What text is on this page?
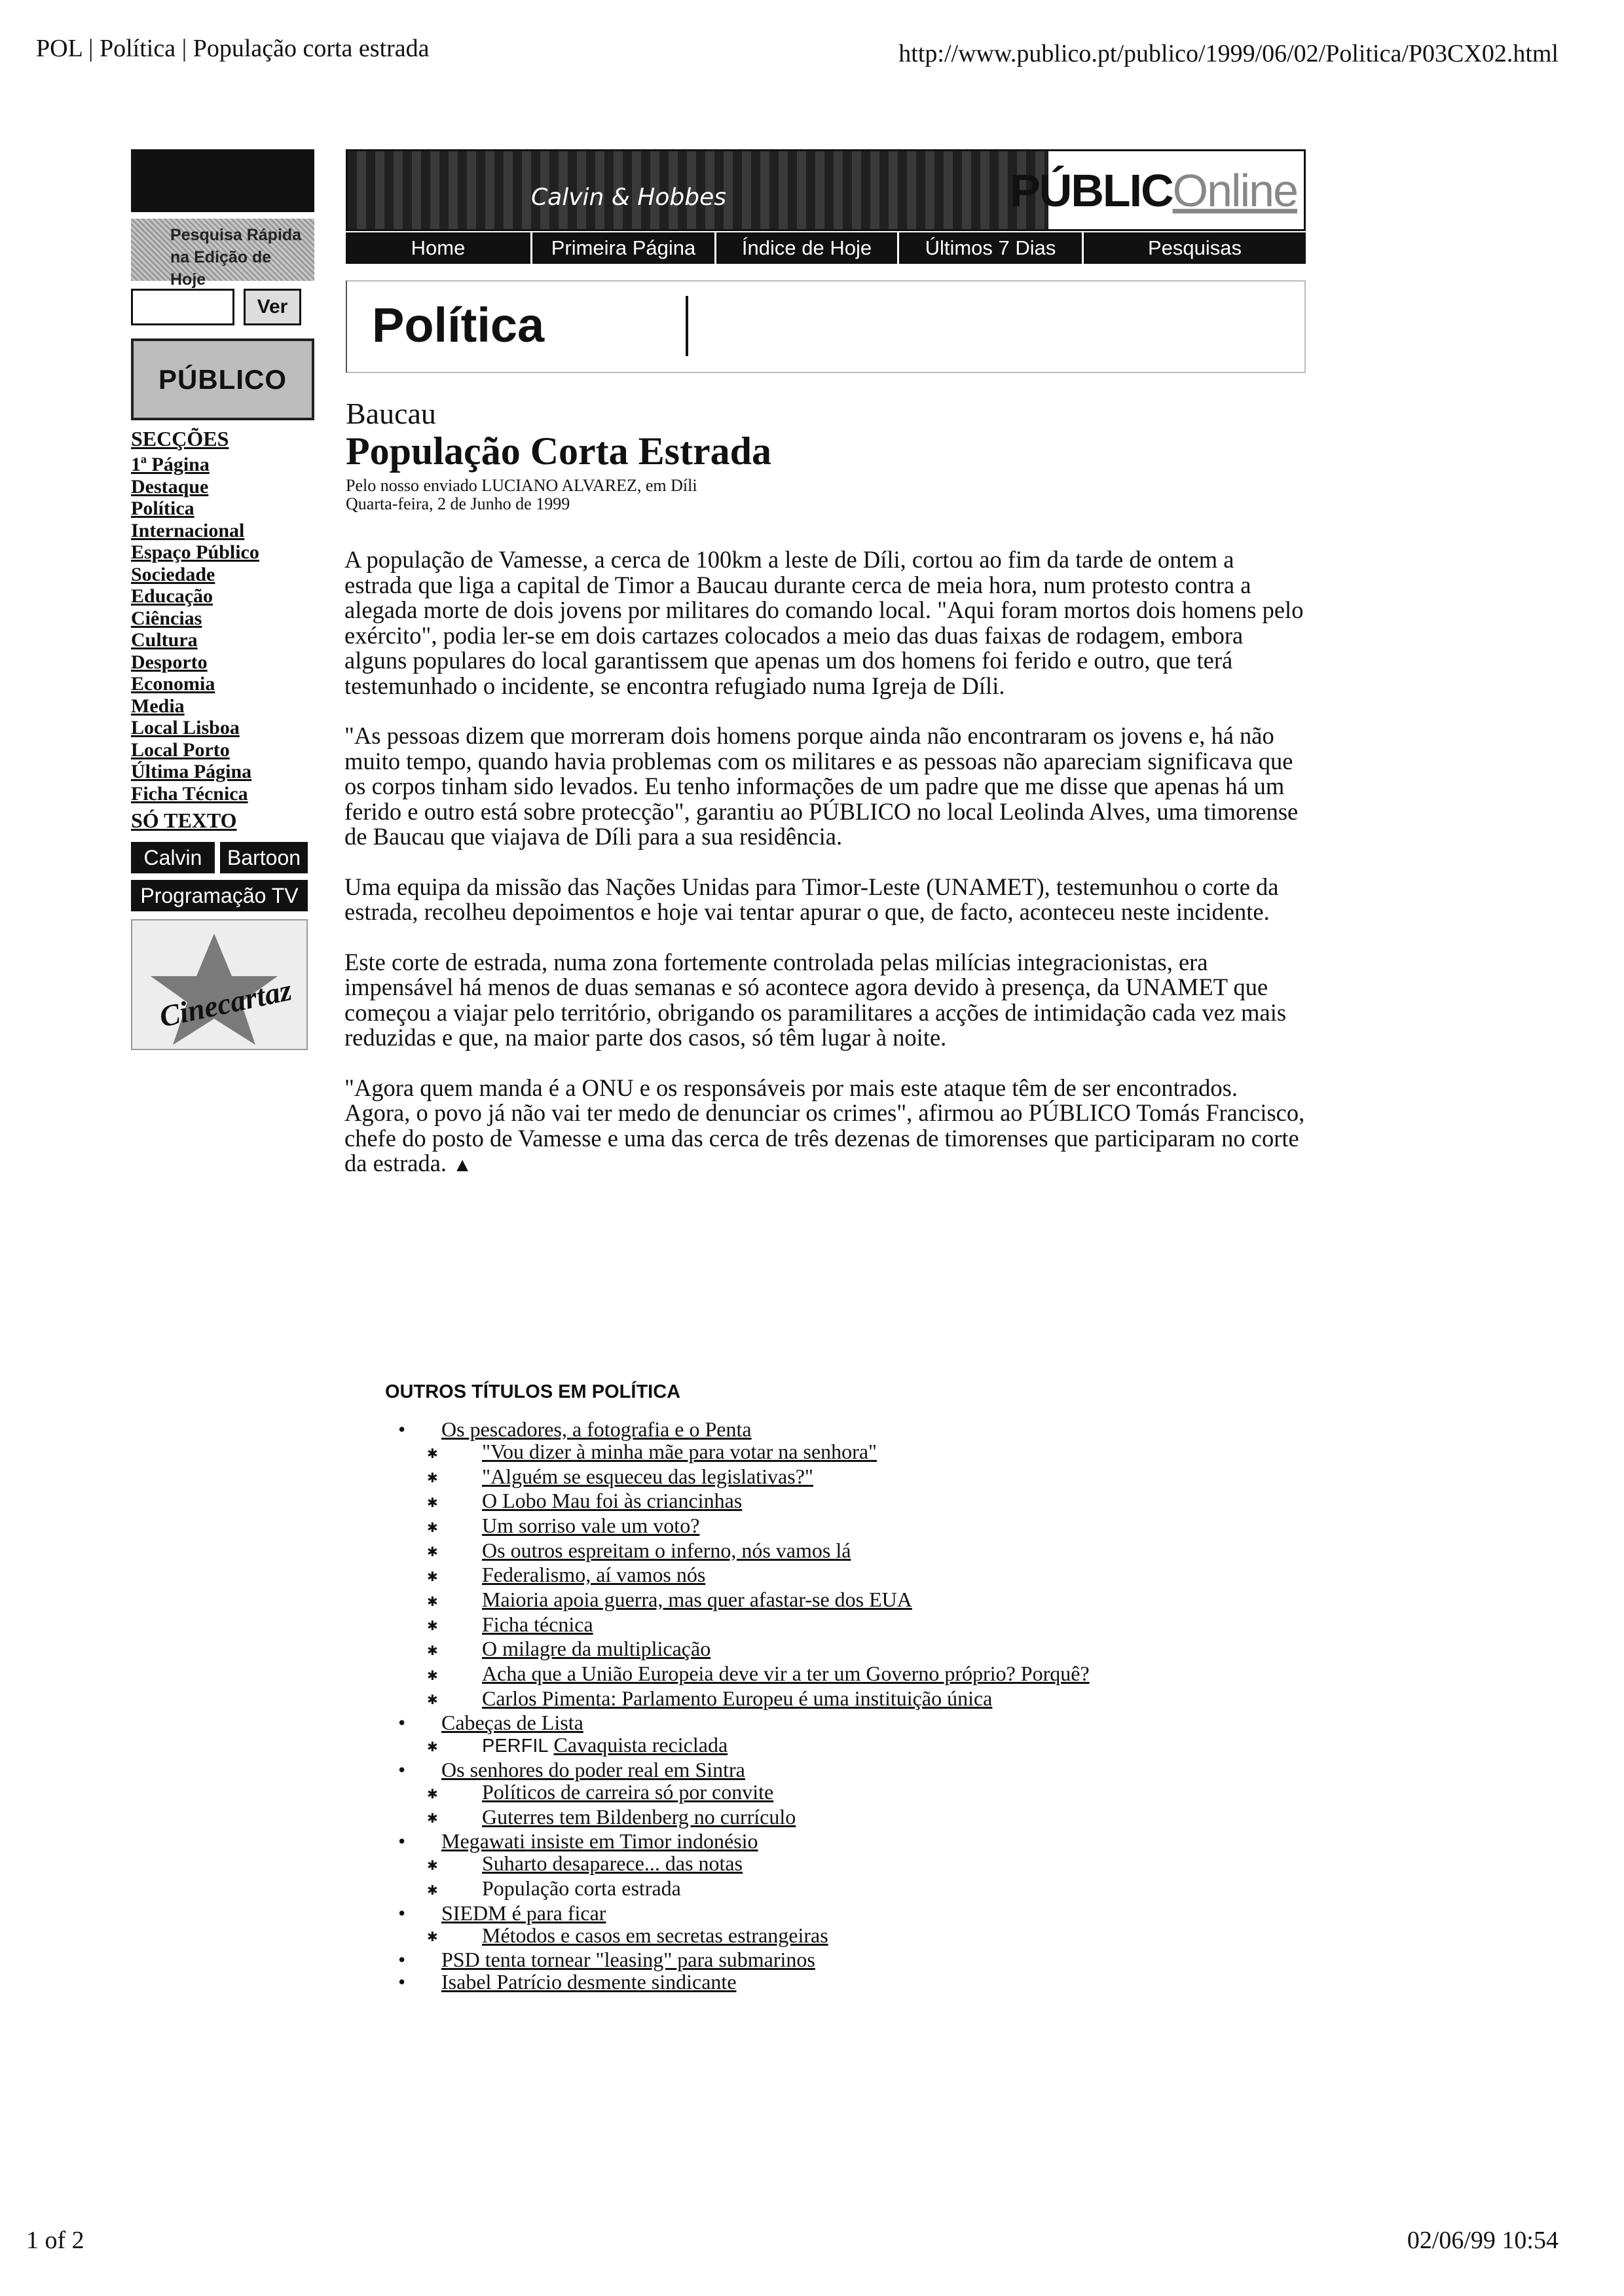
POL | Política | População corta estrada	http://www.publico.pt/publico/1999/06/02/Politica/P03CX02.html
1 of 2	02/06/99 10:54
Pesquisa Rápida na Edição de Hoje
Ver
PÚBLICO
SECÇÕES
1ª Página
Destaque
Política
Internacional
Espaço Público
Sociedade
Educação
Ciências
Cultura
Desporto
Economia
Media
Local Lisboa
Local Porto
Última Página
Ficha Técnica
SÓ TEXTO
Calvin	Bartoon
Programação TV
Cinecartaz
Calvin & Hobbes	PÚBLIC Online
Home	Primeira Página	Índice de Hoje	Últimos 7 Dias	Pesquisas
Política
Baucau
População Corta Estrada
Pelo nosso enviado LUCIANO ALVAREZ, em Díli
Quarta-feira, 2 de Junho de 1999

A população de Vamesse, a cerca de 100km a leste de Díli, cortou ao fim da tarde de ontem a estrada que liga a capital de Timor a Baucau durante cerca de meia hora, num protesto contra a alegada morte de dois jovens por militares do comando local. "Aqui foram mortos dois homens pelo exército", podia ler-se em dois cartazes colocados a meio das duas faixas de rodagem, embora alguns populares do local garantissem que apenas um dos homens foi ferido e outro, que terá testemunhado o incidente, se encontra refugiado numa Igreja de Díli.

"As pessoas dizem que morreram dois homens porque ainda não encontraram os jovens e, há não muito tempo, quando havia problemas com os militares e as pessoas não apareciam significava que os corpos tinham sido levados. Eu tenho informações de um padre que me disse que apenas há um ferido e outro está sobre protecção", garantiu ao PÚBLICO no local Leolinda Alves, uma timorense de Baucau que viajava de Díli para a sua residência.

Uma equipa da missão das Nações Unidas para Timor-Leste (UNAMET), testemunhou o corte da estrada, recolheu depoimentos e hoje vai tentar apurar o que, de facto, aconteceu neste incidente.

Este corte de estrada, numa zona fortemente controlada pelas milícias integracionistas, era impensável há menos de duas semanas e só acontece agora devido à presença, da UNAMET que começou a viajar pelo território, obrigando os paramilitares a acções de intimidação cada vez mais reduzidas e que, na maior parte dos casos, só têm lugar à noite.

"Agora quem manda é a ONU e os responsáveis por mais este ataque têm de ser encontrados. Agora, o povo já não vai ter medo de denunciar os crimes", afirmou ao PÚBLICO Tomás Francisco, chefe do posto de Vamesse e uma das cerca de três dezenas de timorenses que participaram no corte da estrada. ▲

OUTROS TÍTULOS EM POLÍTICA
• Os pescadores, a fotografia e o Penta
✱ "Vou dizer à minha mãe para votar na senhora"
✱ "Alguém se esqueceu das legislativas?"
✱ O Lobo Mau foi às criancinhas
✱ Um sorriso vale um voto?
✱ Os outros espreitam o inferno, nós vamos lá
✱ Federalismo, aí vamos nós
✱ Maioria apoia guerra, mas quer afastar-se dos EUA
✱ Ficha técnica
✱ O milagre da multiplicação
✱ Acha que a União Europeia deve vir a ter um Governo próprio? Porquê?
✱ Carlos Pimenta: Parlamento Europeu é uma instituição única
• Cabeças de Lista
✱ PERFIL Cavaquista reciclada
• Os senhores do poder real em Sintra
✱ Políticos de carreira só por convite
✱ Guterres tem Bildenberg no currículo
• Megawati insiste em Timor indonésio
✱ Suharto desaparece... das notas
✱ População corta estrada
• SIEDM é para ficar
✱ Métodos e casos em secretas estrangeiras
• PSD tenta tornear "leasing" para submarinos
• Isabel Patrício desmente sindicante
